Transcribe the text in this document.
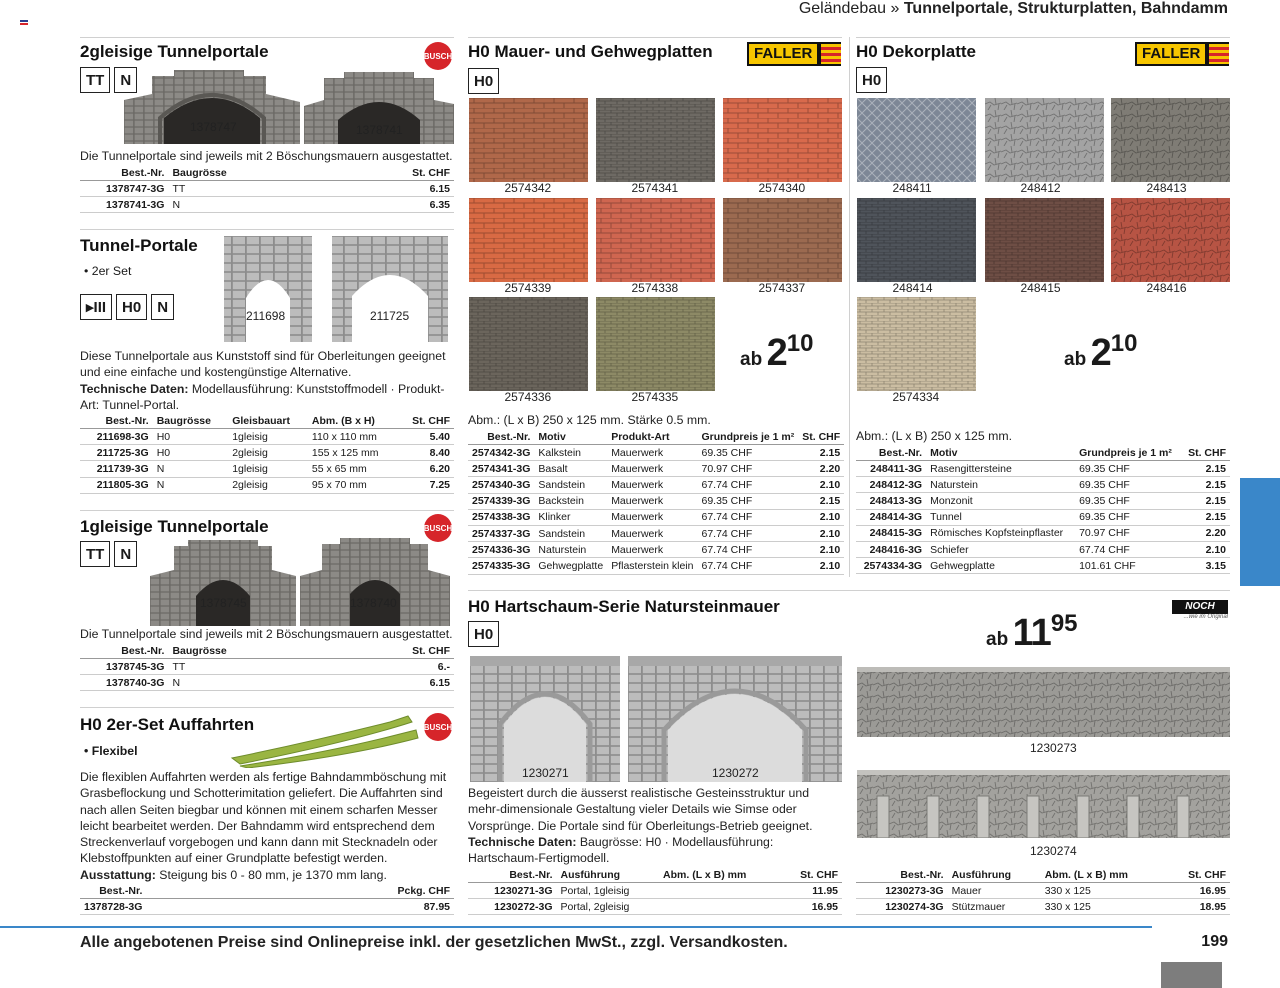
Geländebau » Tunnelportale, Strukturplatten, Bahndamm
2gleisige Tunnelportale	BUSCH
TT	N
1378747	1378741
Die Tunnelportale sind jeweils mit 2 Böschungsmauern ausgestattet.
Best.-Nr.	Baugrösse	St. CHF
1378747-3G	TT	6.15
1378741-3G	N	6.35
Tunnel-Portale
• 2er Set
▸III	H0	N
211698	211725
Diese Tunnelportale aus Kunststoff sind für Oberleitungen geeignet und eine einfache und kostengünstige Alternative.
Technische Daten: Modellausführung: Kunststoffmodell · Produkt-Art: Tunnel-Portal.
Best.-Nr.	Baugrösse	Gleisbauart	Abm. (B x H)	St. CHF
211698-3G	H0	1gleisig	110 x 110 mm	5.40
211725-3G	H0	2gleisig	155 x 125 mm	8.40
211739-3G	N	1gleisig	55 x 65 mm	6.20
211805-3G	N	2gleisig	95 x 70 mm	7.25
1gleisige Tunnelportale	BUSCH
TT	N
1378745	1378740
Die Tunnelportale sind jeweils mit 2 Böschungsmauern ausgestattet.
Best.-Nr.	Baugrösse	St. CHF
1378745-3G	TT	6.-
1378740-3G	N	6.15
H0 2er-Set Auffahrten	BUSCH
• Flexibel
Die flexiblen Auffahrten werden als fertige Bahndammböschung mit Grasbeflockung und Schotterimitation geliefert. Die Auffahrten sind nach allen Seiten biegbar und können mit einem scharfen Messer leicht bearbeitet werden. Der Bahndamm wird entsprechend dem Streckenverlauf vorgebogen und kann dann mit Stecknadeln oder Klebstoffpunkten auf einer Grundplatte befestigt werden.
Ausstattung: Steigung bis 0 - 80 mm, je 1370 mm lang.
Best.-Nr.	Pckg. CHF
1378728-3G	87.95
H0 Mauer- und Gehwegplatten	FALLER
H0
2574342	2574341	2574340
2574339	2574338	2574337
2574336	2574335
ab $2^{10}$
Abm.: (L x B) 250 x 125 mm. Stärke 0.5 mm.
Best.-Nr.	Motiv	Produkt-Art	Grundpreis je 1 m²	St. CHF
2574342-3G	Kalkstein	Mauerwerk	69.35 CHF	2.15
2574341-3G	Basalt	Mauerwerk	70.97 CHF	2.20
2574340-3G	Sandstein	Mauerwerk	67.74 CHF	2.10
2574339-3G	Backstein	Mauerwerk	69.35 CHF	2.15
2574338-3G	Klinker	Mauerwerk	67.74 CHF	2.10
2574337-3G	Sandstein	Mauerwerk	67.74 CHF	2.10
2574336-3G	Naturstein	Mauerwerk	67.74 CHF	2.10
2574335-3G	Gehwegplatte	Pflasterstein klein	67.74 CHF	2.10
H0 Dekorplatte	FALLER
H0
248411	248412	248413
248414	248415	248416
2574334
ab $2^{10}$
Abm.: (L x B) 250 x 125 mm.
Best.-Nr.	Motiv	Grundpreis je 1 m²	St. CHF
248411-3G	Rasengittersteine	69.35 CHF	2.15
248412-3G	Naturstein	69.35 CHF	2.15
248413-3G	Monzonit	69.35 CHF	2.15
248414-3G	Tunnel	69.35 CHF	2.15
248415-3G	Römisches Kopfsteinpflaster	70.97 CHF	2.20
248416-3G	Schiefer	67.74 CHF	2.10
2574334-3G	Gehwegplatte	101.61 CHF	3.15
H0 Hartschaum-Serie Natursteinmauer	NOCH
...wie im Original
H0	ab $11^{95}$
1230271	1230272
1230273
1230274
Begeistert durch die äusserst realistische Gesteinsstruktur und mehr-dimensionale Gestaltung vieler Details wie Simse oder Vorsprünge. Die Portale sind für Oberleitungs-Betrieb geeignet.
Technische Daten: Baugrösse: H0 · Modellausführung: Hartschaum-Fertigmodell.
Best.-Nr.	Ausführung	Abm. (L x B) mm	St. CHF
1230271-3G	Portal, 1gleisig		11.95
1230272-3G	Portal, 2gleisig		16.95
Best.-Nr.	Ausführung	Abm. (L x B) mm	St. CHF
1230273-3G	Mauer	330 x 125	16.95
1230274-3G	Stützmauer	330 x 125	18.95
Alle angebotenen Preise sind Onlinepreise inkl. der gesetzlichen MwSt., zzgl. Versandkosten.	199
